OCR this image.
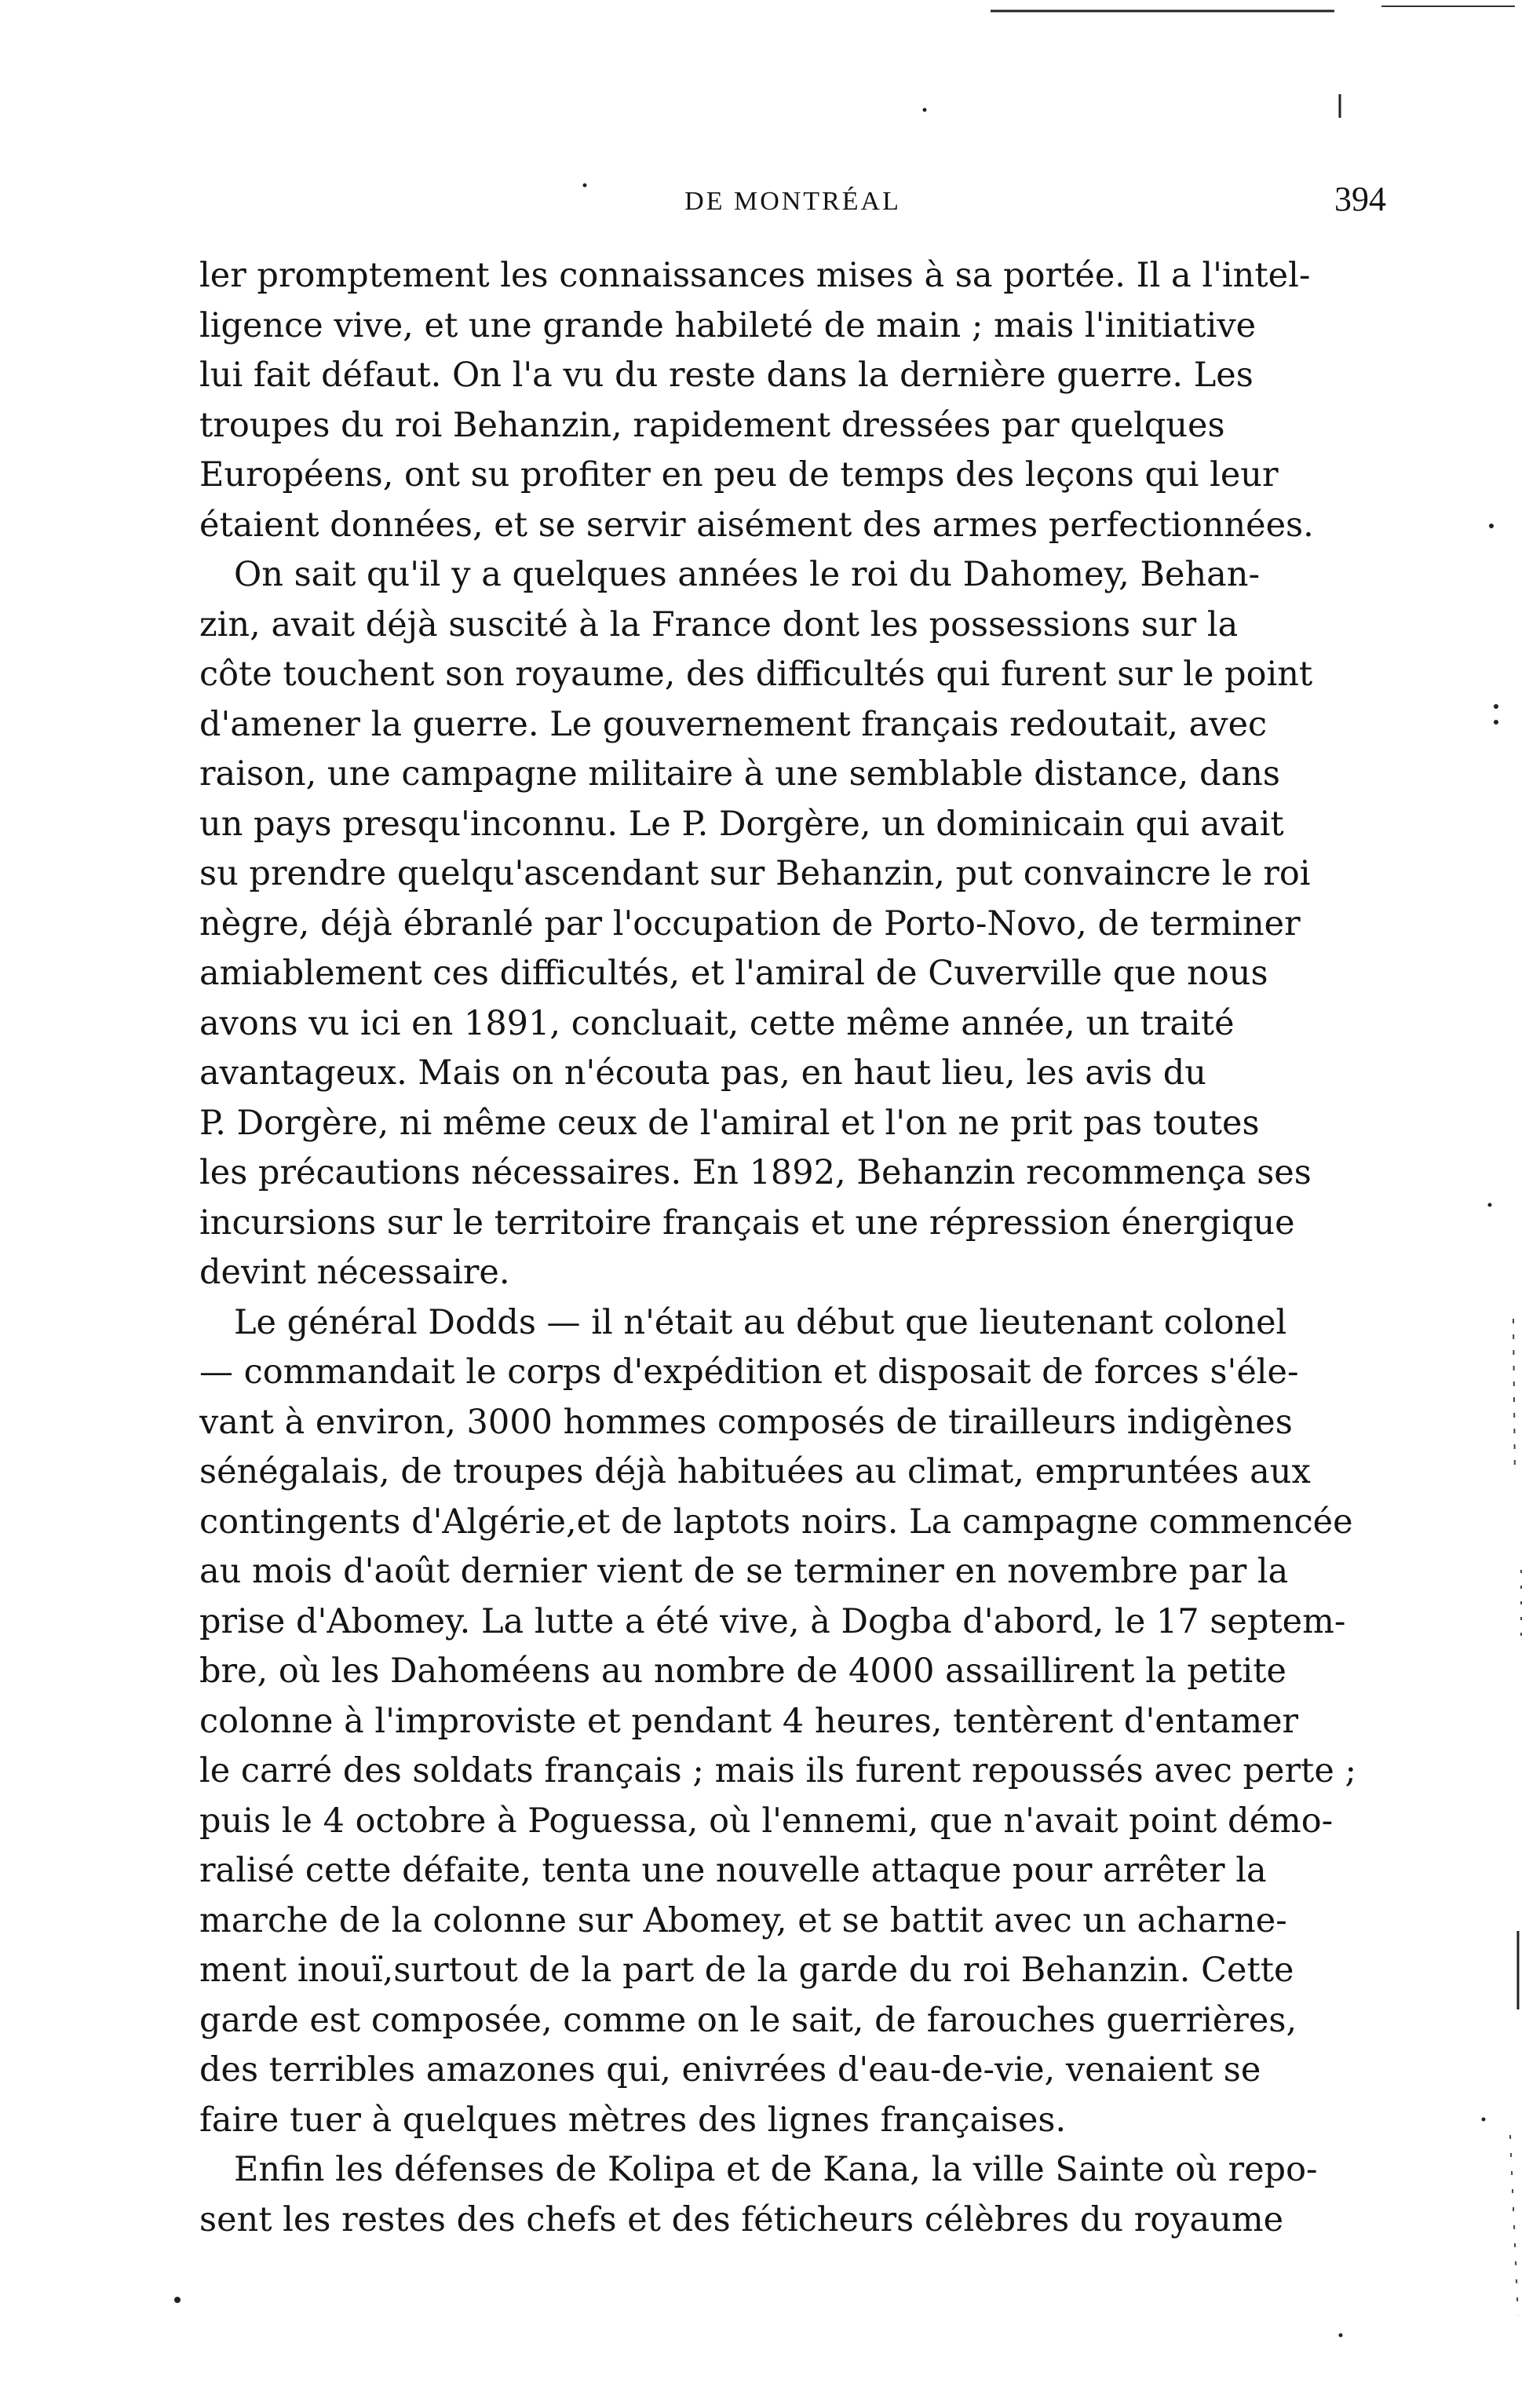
DE MONTRÉAL	394
ler promptement les connaissances mises à sa portée. Il a l'intel-
ligence vive, et une grande habileté de main ; mais l'initiative
lui fait défaut. On l'a vu du reste dans la dernière guerre. Les
troupes du roi Behanzin, rapidement dressées par quelques
Européens, ont su profiter en peu de temps des leçons qui leur
étaient données, et se servir aisément des armes perfectionnées.
On sait qu'il y a quelques années le roi du Dahomey, Behan-
zin, avait déjà suscité à la France dont les possessions sur la
côte touchent son royaume, des difficultés qui furent sur le point
d'amener la guerre. Le gouvernement français redoutait, avec
raison, une campagne militaire à une semblable distance, dans
un pays presqu'inconnu. Le P. Dorgère, un dominicain qui avait
su prendre quelqu'ascendant sur Behanzin, put convaincre le roi
nègre, déjà ébranlé par l'occupation de Porto-Novo, de terminer
amiablement ces difficultés, et l'amiral de Cuverville que nous
avons vu ici en 1891, concluait, cette même année, un traité
avantageux. Mais on n'écouta pas, en haut lieu, les avis du
P. Dorgère, ni même ceux de l'amiral et l'on ne prit pas toutes
les précautions nécessaires. En 1892, Behanzin recommença ses
incursions sur le territoire français et une répression énergique
devint nécessaire.
Le général Dodds — il n'était au début que lieutenant colonel
— commandait le corps d'expédition et disposait de forces s'éle-
vant à environ, 3000 hommes composés de tirailleurs indigènes
sénégalais, de troupes déjà habituées au climat, empruntées aux
contingents d'Algérie,et de laptots noirs. La campagne commencée
au mois d'août dernier vient de se terminer en novembre par la
prise d'Abomey. La lutte a été vive, à Dogba d'abord, le 17 septem-
bre, où les Dahoméens au nombre de 4000 assaillirent la petite
colonne à l'improviste et pendant 4 heures, tentèrent d'entamer
le carré des soldats français ; mais ils furent repoussés avec perte ;
puis le 4 octobre à Poguessa, où l'ennemi, que n'avait point démo-
ralisé cette défaite, tenta une nouvelle attaque pour arrêter la
marche de la colonne sur Abomey, et se battit avec un acharne-
ment inouï,surtout de la part de la garde du roi Behanzin. Cette
garde est composée, comme on le sait, de farouches guerrières,
des terribles amazones qui, enivrées d'eau-de-vie, venaient se
faire tuer à quelques mètres des lignes françaises.
Enfin les défenses de Kolipa et de Kana, la ville Sainte où repo-
sent les restes des chefs et des féticheurs célèbres du royaume
